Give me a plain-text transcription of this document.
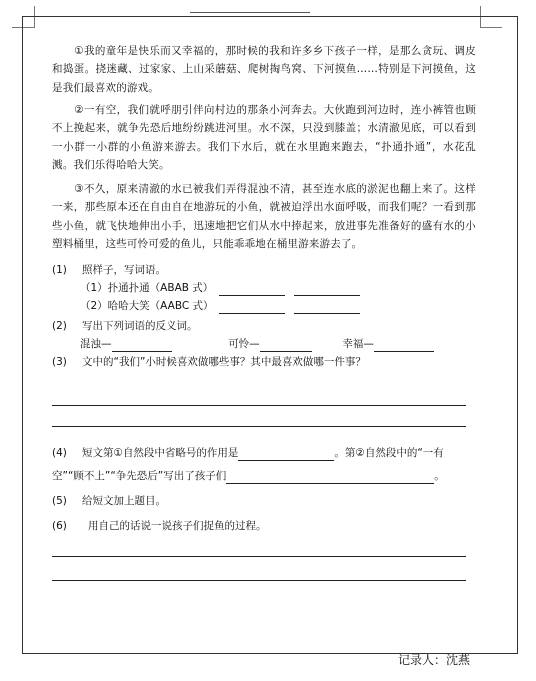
①我的童年是快乐而又幸福的，那时候的我和许多乡下孩子一样，是那么贪玩、调皮和捣蛋。挠迷藏、过家家、上山采蘑菇、爬树掏鸟窝、下河摸鱼……特别是下河摸鱼，这是我们最喜欢的游戏。

②一有空，我们就呼朋引伴向村边的那条小河奔去。大伙跑到河边时，连小裤管也顾不上挽起来，就争先恐后地纷纷跳进河里。水不深，只没到膝盖；水清澈见底，可以看到一小群一小群的小鱼游来游去。我们下水后，就在水里跑来跑去，“扑通扑通”，水花乱溅。我们乐得哈哈大笑。

③不久，原来清澈的水已被我们弄得混浊不清，甚至连水底的淤泥也翻上来了。这样一来，那些原本还在自由自在地游玩的小鱼，就被迫浮出水面呼吸，而我们呢？一看到那些小鱼，就飞快地伸出小手，迅速地把它们从水中捧起来，放进事先准备好的盛有水的小塑料桶里，这些可怜可爱的鱼儿，只能乖乖地在桶里游来游去了。

(1) 照样子，写词语。
（1）扑通扑通（ABAB 式）
（2）哈哈大笑（AABC 式）
(2) 写出下列词语的反义词。
混浊—	可怜—	幸福—
(3) 文中的“我们”小时候喜欢做哪些事？其中最喜欢做哪一件事？
(4) 短文第①自然段中省略号的作用是	。第②自然段中的“一有
空”“顾不上”“争先恐后”写出了孩子们	。
(5) 给短文加上题目。
(6) 用自己的话说一说孩子们捉鱼的过程。
记录人：沈燕
